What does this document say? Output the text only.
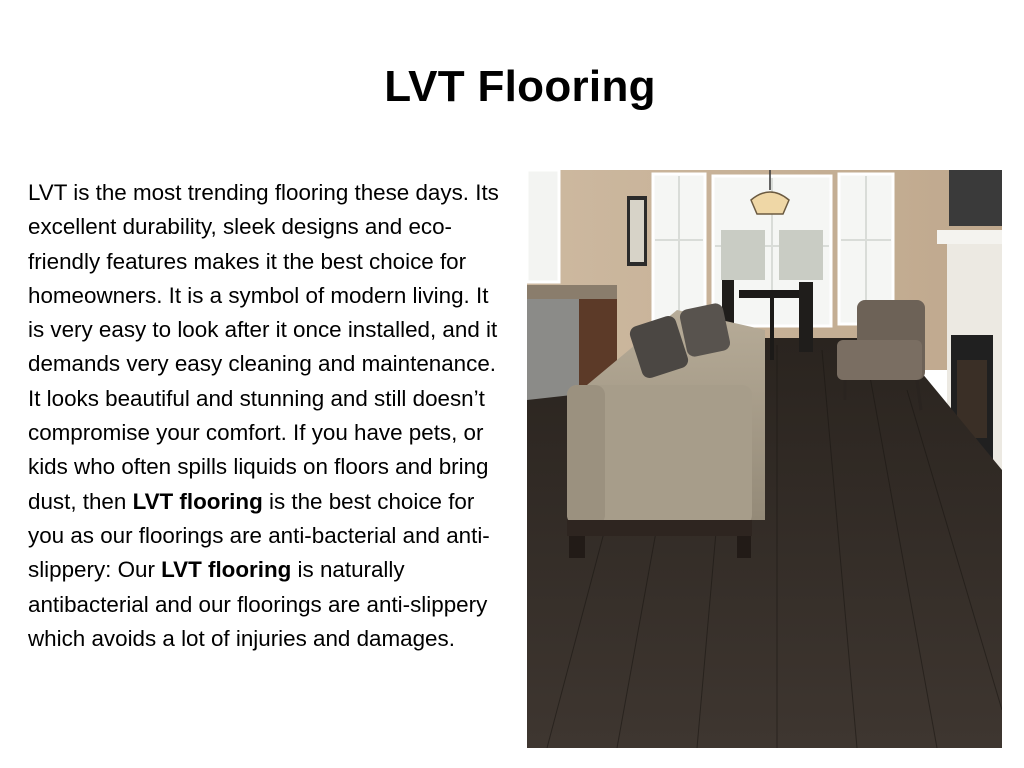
LVT Flooring
LVT is the most trending flooring these days. Its excellent durability, sleek designs and eco-friendly features makes it the best choice for homeowners. It is a symbol of modern living. It is very easy to look after it once installed, and it demands very easy cleaning and maintenance. It looks beautiful and stunning and still doesn’t compromise your comfort. If you have pets, or kids who often spills liquids on floors and bring dust, then LVT flooring is the best choice for you as our floorings are anti-bacterial and anti-slippery: Our LVT flooring is naturally antibacterial and our floorings are anti-slippery which avoids a lot of injuries and damages.
